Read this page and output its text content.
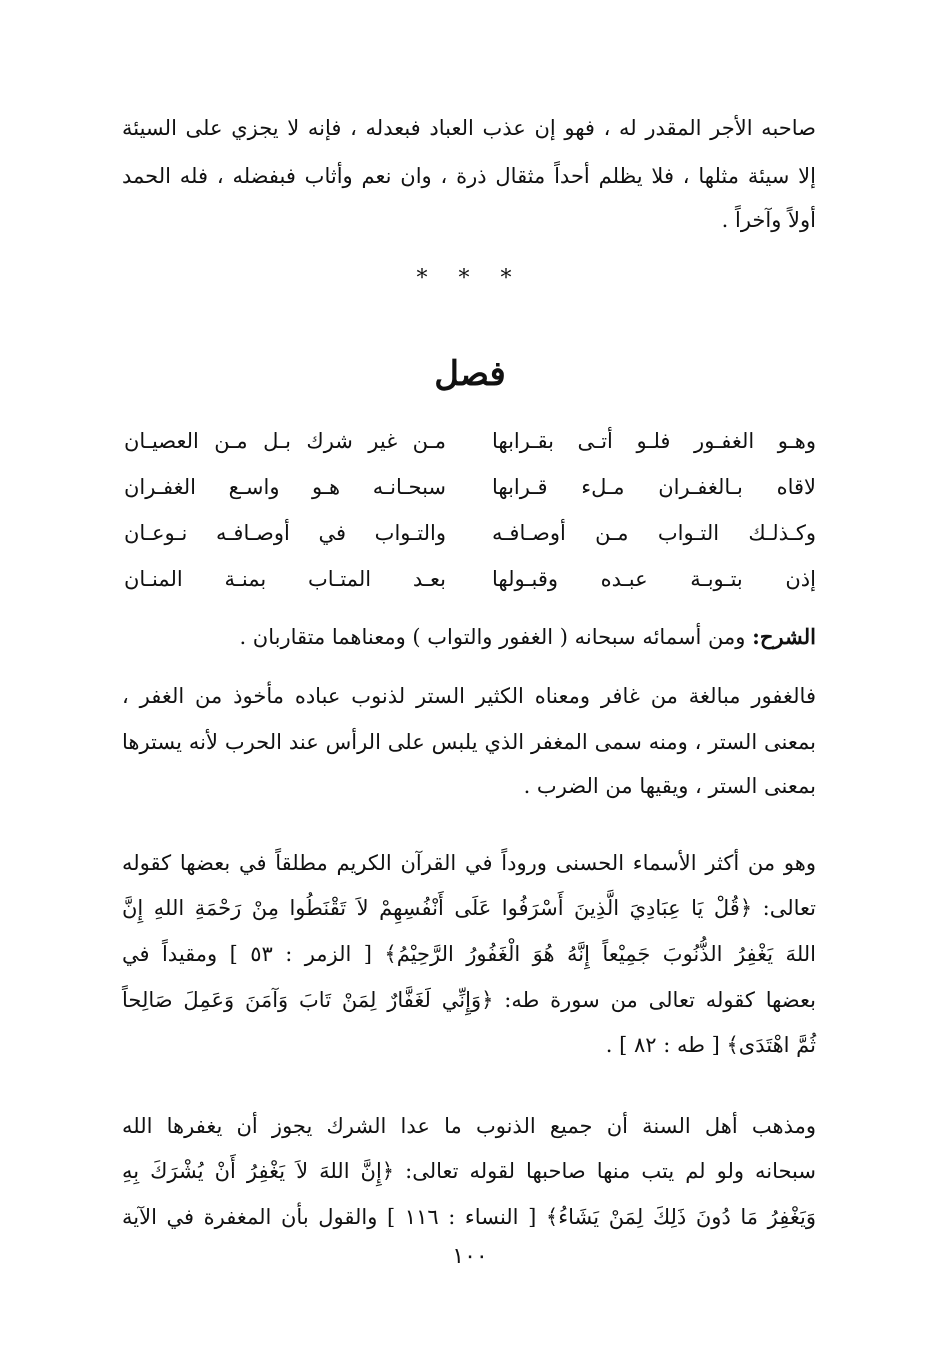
صاحبه الأجر المقدر له ، فهو إن عذب العباد فبعدله ، فإنه لا يجزي على السيئة
إلا سيئة مثلها ، فلا يظلم أحداً مثقال ذرة ، وان نعم وأثاب فبفضله ، فله الحمد
أولاً وآخراً .
* * *
فصل
وهـو الغفـور فلـو أتـى بقـرابها
مـن غير شرك بـل مـن العصيـان
لاقاه بـالغفـران مـلء قـرابها
سبحـانـه هـو واسـع الغفـران
وكـذلـك التـواب مـن أوصـافـه
والتـواب في أوصـافـه نـوعـان
إذن بتـوبـة عبـده وقبـولها
بعـد المتـاب بمنـة المنـان
الشرح: ومن أسمائه سبحانه ( الغفور والتواب ) ومعناهما متقاربان .
فالغفور مبالغة من غافر ومعناه الكثير الستر لذنوب عباده مأخوذ من الغفر ،
بمعنى الستر ، ومنه سمى المغفر الذي يلبس على الرأس عند الحرب لأنه يسترها
بمعنى الستر ، ويقيها من الضرب .
وهو من أكثر الأسماء الحسنى وروداً في القرآن الكريم مطلقاً في بعضها كقوله
تعالى: ﴿قُلْ يَا عِبَادِيَ الَّذِينَ أَسْرَفُوا عَلَى أَنْفُسِهِمْ لاَ تَقْنَطُوا مِنْ رَحْمَةِ اللهِ إِنَّ
اللهَ يَغْفِرُ الذُّنُوبَ جَمِيْعاً إِنَّهُ هُوَ الْغَفُورُ الرَّحِيْمُ﴾ [ الزمر : ٥٣ ] ومقيداً في
بعضها كقوله تعالى من سورة طه: ﴿وَإِنِّي لَغَفَّارٌ لِمَنْ تَابَ وَآمَنَ وَعَمِلَ صَالِحاً
ثُمَّ اهْتَدَى﴾ [ طه : ٨٢ ] .
ومذهب أهل السنة أن جميع الذنوب ما عدا الشرك يجوز أن يغفرها الله
سبحانه ولو لم يتب منها صاحبها لقوله تعالى: ﴿إِنَّ اللهَ لاَ يَغْفِرُ أَنْ يُشْرَكَ بِهِ
وَيَغْفِرُ مَا دُونَ ذَلِكَ لِمَنْ يَشَاءُ﴾ [ النساء : ١١٦ ] والقول بأن المغفرة في الآية
١٠٠
